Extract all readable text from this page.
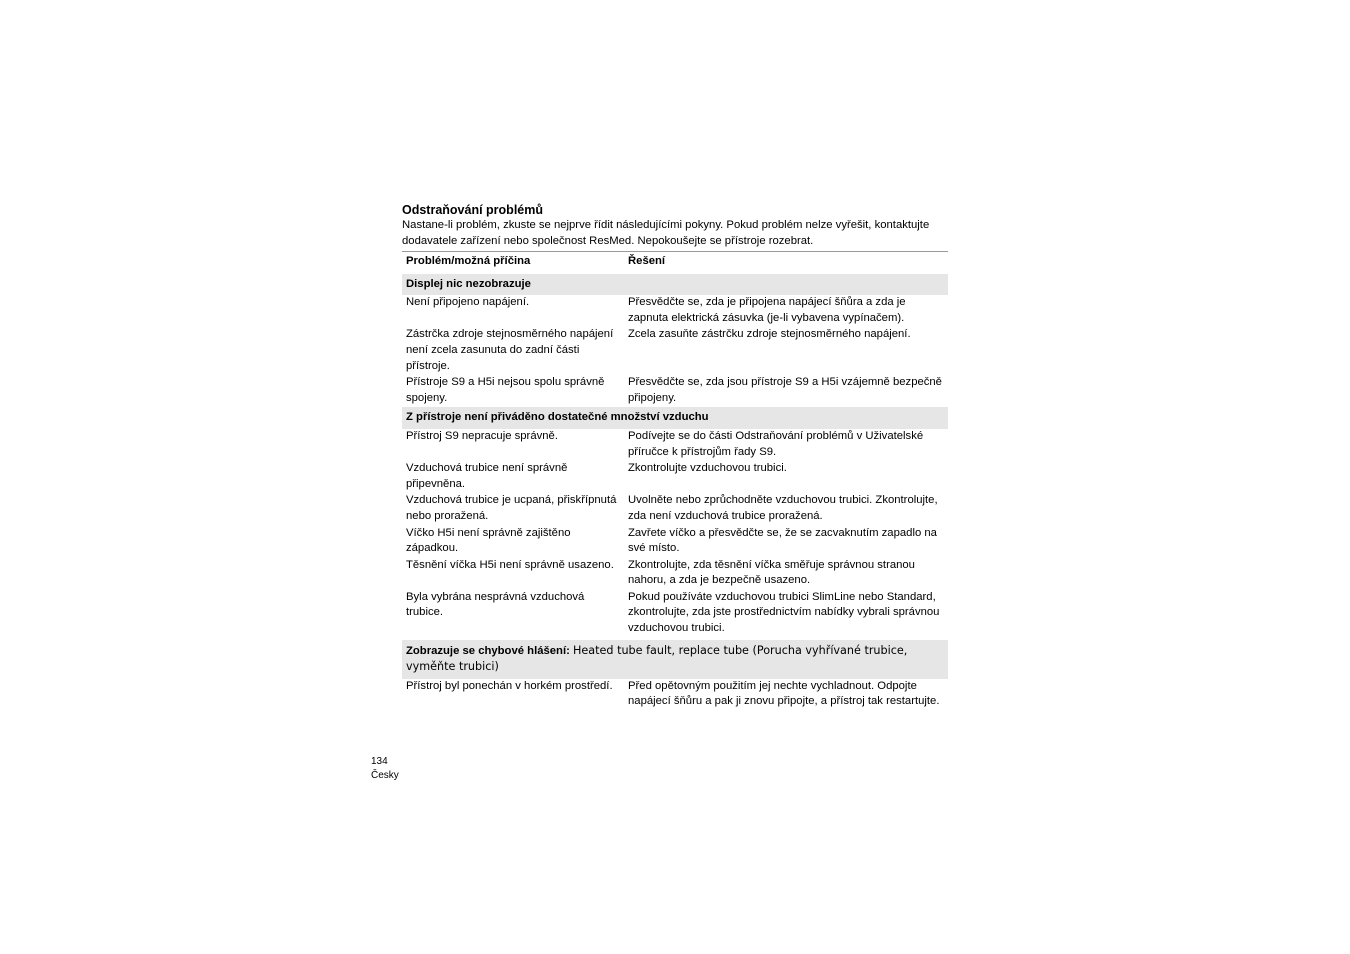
Odstraňování problémů

Nastane-li problém, zkuste se nejprve řídit následujícími pokyny. Pokud problém nelze vyřešit, kontaktujte dodavatele zařízení nebo společnost ResMed. Nepokoušejte se přístroje rozebrat.

Problém/možná příčina	Řešení
Displej nic nezobrazuje	
Není připojeno napájení.	Přesvědčte se, zda je připojena napájecí šňůra a zda je zapnuta elektrická zásuvka (je-li vybavena vypínačem).
Zástrčka zdroje stejnosměrného napájení není zcela zasunuta do zadní části přístroje.	Zcela zasuňte zástrčku zdroje stejnosměrného napájení.
Přístroje S9 a H5i nejsou spolu správně spojeny.	Přesvědčte se, zda jsou přístroje S9 a H5i vzájemně bezpečně připojeny.
Z přístroje není přiváděno dostatečné množství vzduchu	
Přístroj S9 nepracuje správně.	Podívejte se do části Odstraňování problémů v Uživatelské příručce k přístrojům řady S9.
Vzduchová trubice není správně připevněna.	Zkontrolujte vzduchovou trubici.
Vzduchová trubice je ucpaná, přiskřípnutá nebo proražená.	Uvolněte nebo zprůchodněte vzduchovou trubici. Zkontrolujte, zda není vzduchová trubice proražená.
Víčko H5i není správně zajištěno západkou.	Zavřete víčko a přesvědčte se, že se zacvaknutím zapadlo na své místo.
Těsnění víčka H5i není správně usazeno.	Zkontrolujte, zda těsnění víčka směřuje správnou stranou nahoru, a zda je bezpečně usazeno.
Byla vybrána nesprávná vzduchová trubice.	Pokud používáte vzduchovou trubici SlimLine nebo Standard, zkontrolujte, zda jste prostřednictvím nabídky vybrali správnou vzduchovou trubici.
Zobrazuje se chybové hlášení: Heated tube fault, replace tube (Porucha vyhřívané trubice, vyměňte trubici)	
Přístroj byl ponechán v horkém prostředí.	Před opětovným použitím jej nechte vychladnout. Odpojte napájecí šňůru a pak ji znovu připojte, a přístroj tak restartujte.
134
Česky
